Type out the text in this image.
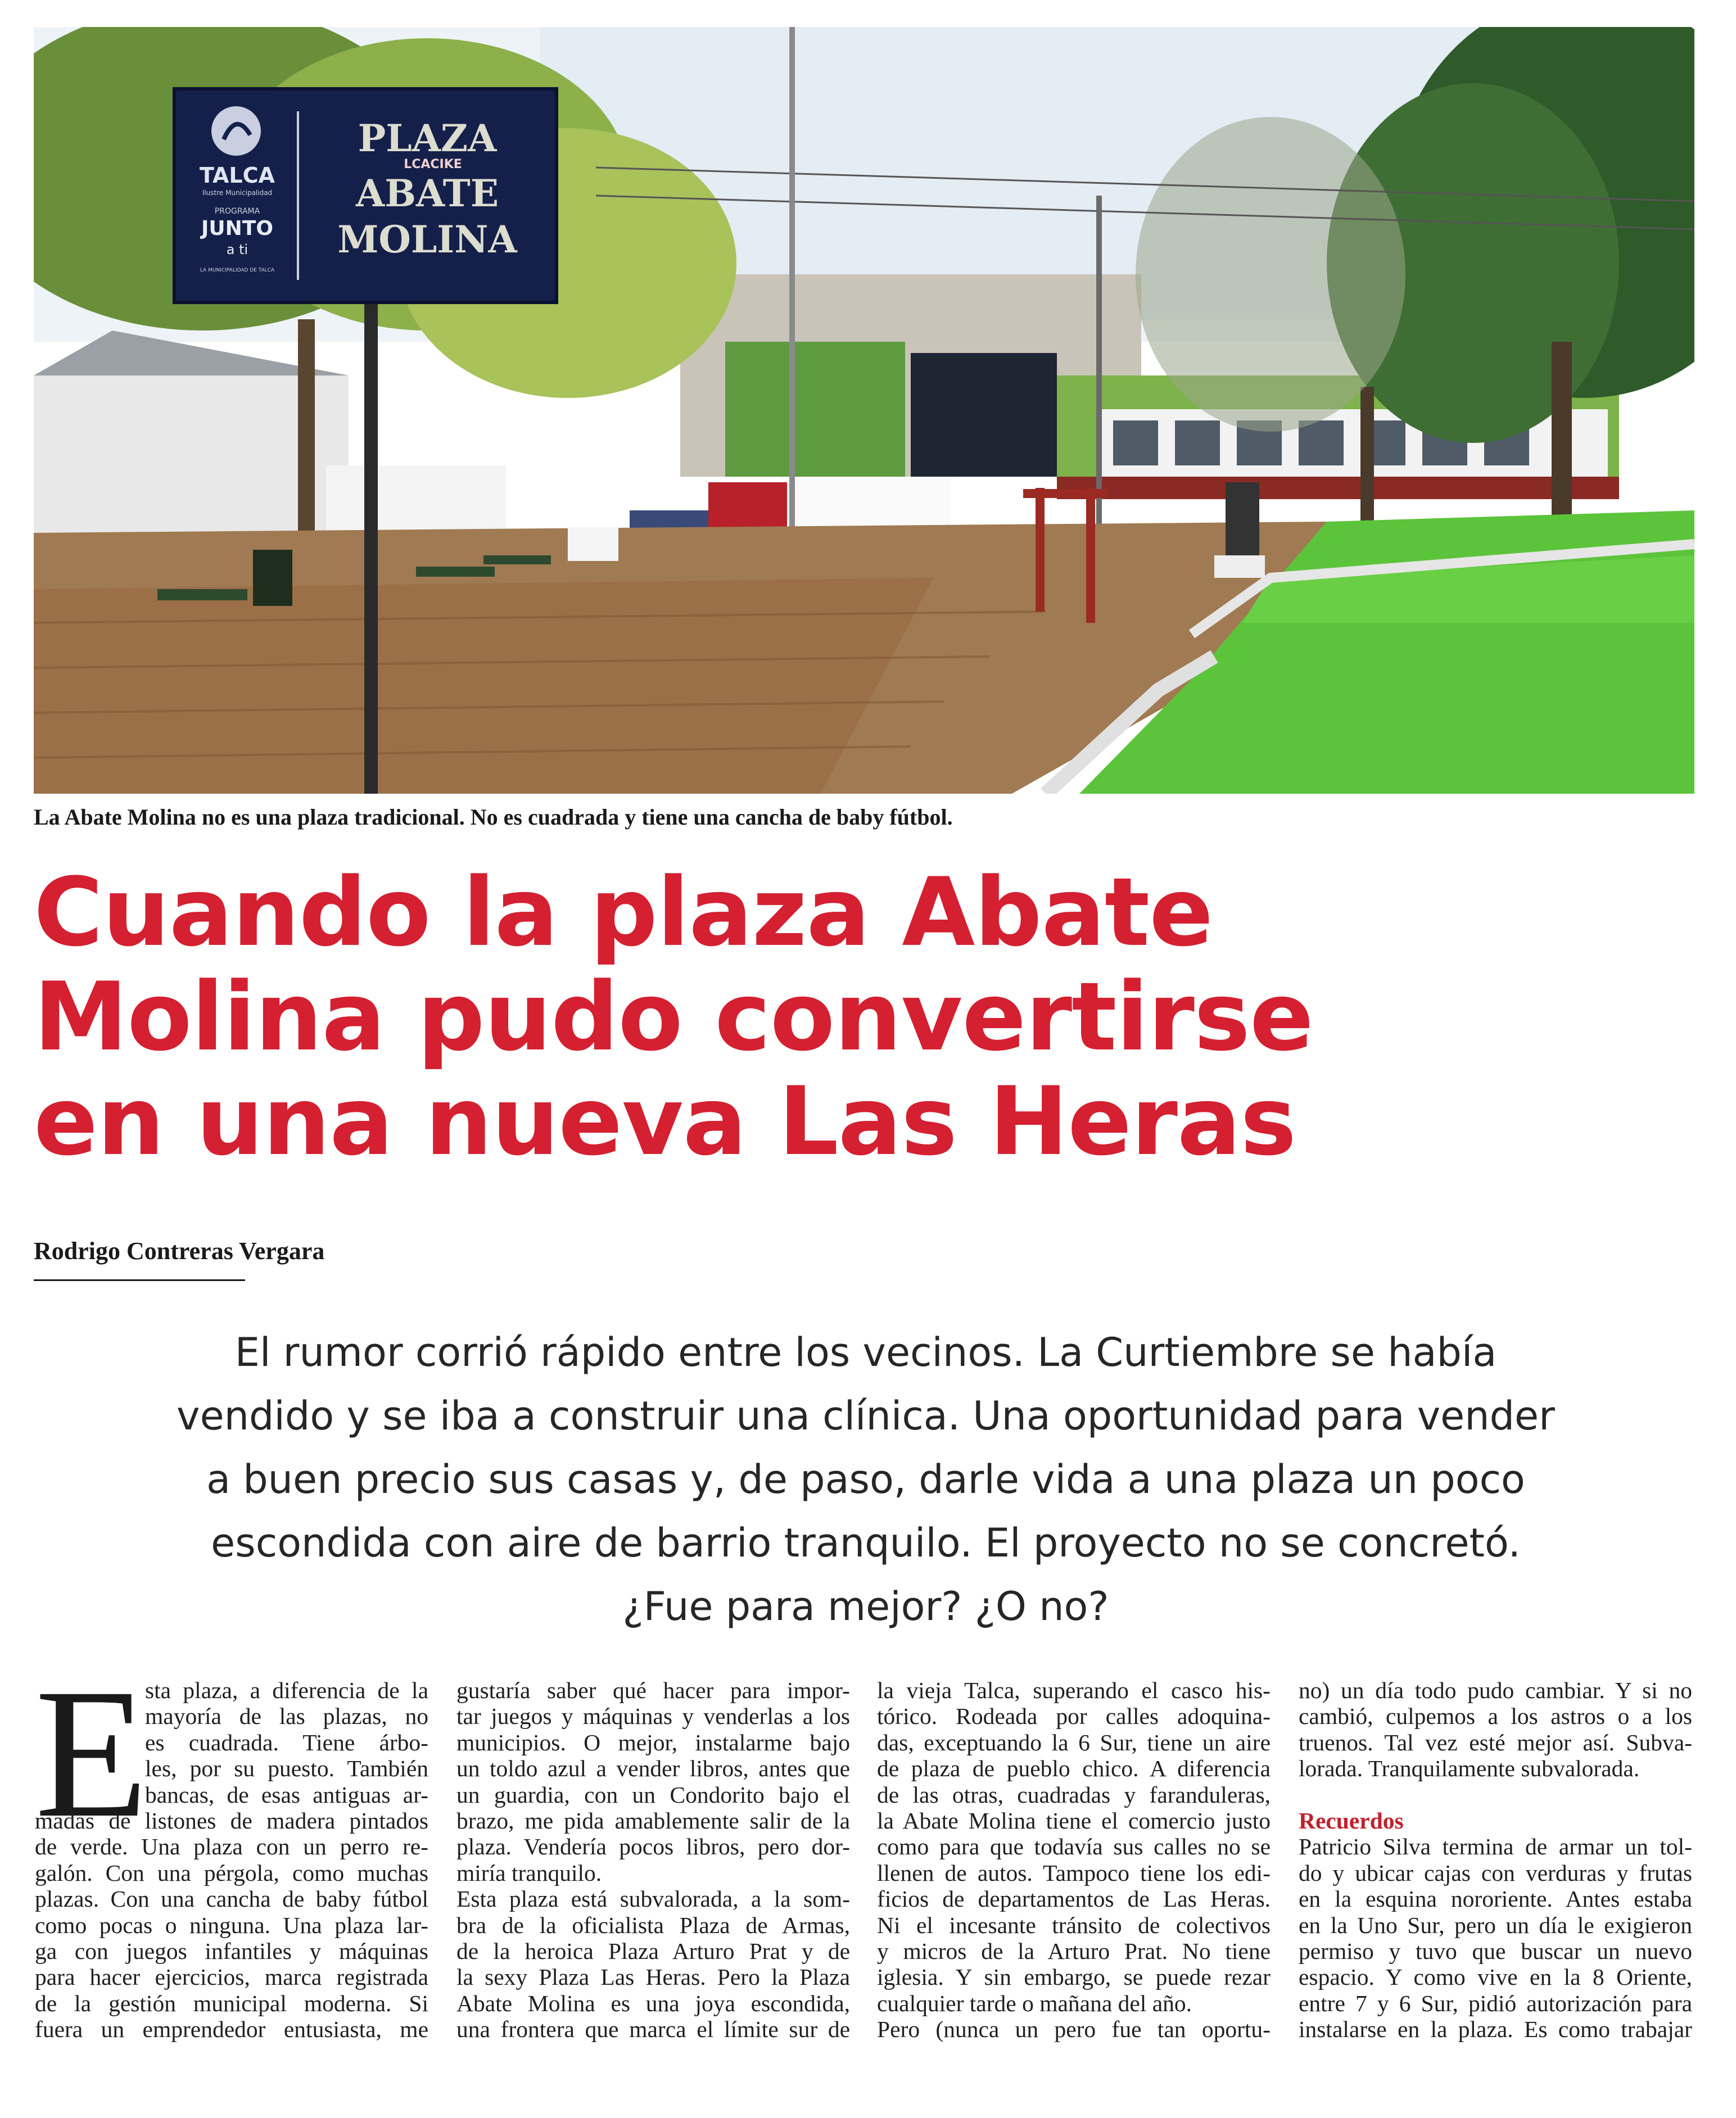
TALCA
Ilustre Municipalidad
PROGRAMA
JUNTO
a ti
LA MUNICIPALIDAD DE TALCA
PLAZA
LCACIKE
ABATE
MOLINA
La Abate Molina no es una plaza tradicional. No es cuadrada y tiene una cancha de baby fútbol.
Cuando la plaza Abate
Molina pudo convertirse
en una nueva Las Heras
Rodrigo Contreras Vergara
El rumor corrió rápido entre los vecinos. La Curtiembre se había
vendido y se iba a construir una clínica. Una oportunidad para vender
a buen precio sus casas y, de paso, darle vida a una plaza un poco
escondida con aire de barrio tranquilo. El proyecto no se concretó.
¿Fue para mejor? ¿O no?
E
sta plaza, a diferencia de la
mayoría de las plazas, no
es cuadrada. Tiene árbo-
les, por su puesto. También
bancas, de esas antiguas ar-
madas de listones de madera pintados
de verde. Una plaza con un perro re-
galón. Con una pérgola, como muchas
plazas. Con una cancha de baby fútbol
como pocas o ninguna. Una plaza lar-
ga con juegos infantiles y máquinas
para hacer ejercicios, marca registrada
de la gestión municipal moderna. Si
fuera un emprendedor entusiasta, me
gustaría saber qué hacer para impor-
tar juegos y máquinas y venderlas a los
municipios. O mejor, instalarme bajo
un toldo azul a vender libros, antes que
un guardia, con un Condorito bajo el
brazo, me pida amablemente salir de la
plaza. Vendería pocos libros, pero dor-
miría tranquilo.
Esta plaza está subvalorada, a la som-
bra de la oficialista Plaza de Armas,
de la heroica Plaza Arturo Prat y de
la sexy Plaza Las Heras. Pero la Plaza
Abate Molina es una joya escondida,
una frontera que marca el límite sur de
la vieja Talca, superando el casco his-
tórico. Rodeada por calles adoquina-
das, exceptuando la 6 Sur, tiene un aire
de plaza de pueblo chico. A diferencia
de las otras, cuadradas y faranduleras,
la Abate Molina tiene el comercio justo
como para que todavía sus calles no se
llenen de autos. Tampoco tiene los edi-
ficios de departamentos de Las Heras.
Ni el incesante tránsito de colectivos
y micros de la Arturo Prat. No tiene
iglesia. Y sin embargo, se puede rezar
cualquier tarde o mañana del año.
Pero (nunca un pero fue tan oportu-
no) un día todo pudo cambiar. Y si no
cambió, culpemos a los astros o a los
truenos. Tal vez esté mejor así. Subva-
lorada. Tranquilamente subvalorada.
Recuerdos
Patricio Silva termina de armar un tol-
do y ubicar cajas con verduras y frutas
en la esquina nororiente. Antes estaba
en la Uno Sur, pero un día le exigieron
permiso y tuvo que buscar un nuevo
espacio. Y como vive en la 8 Oriente,
entre 7 y 6 Sur, pidió autorización para
instalarse en la plaza. Es como trabajar
